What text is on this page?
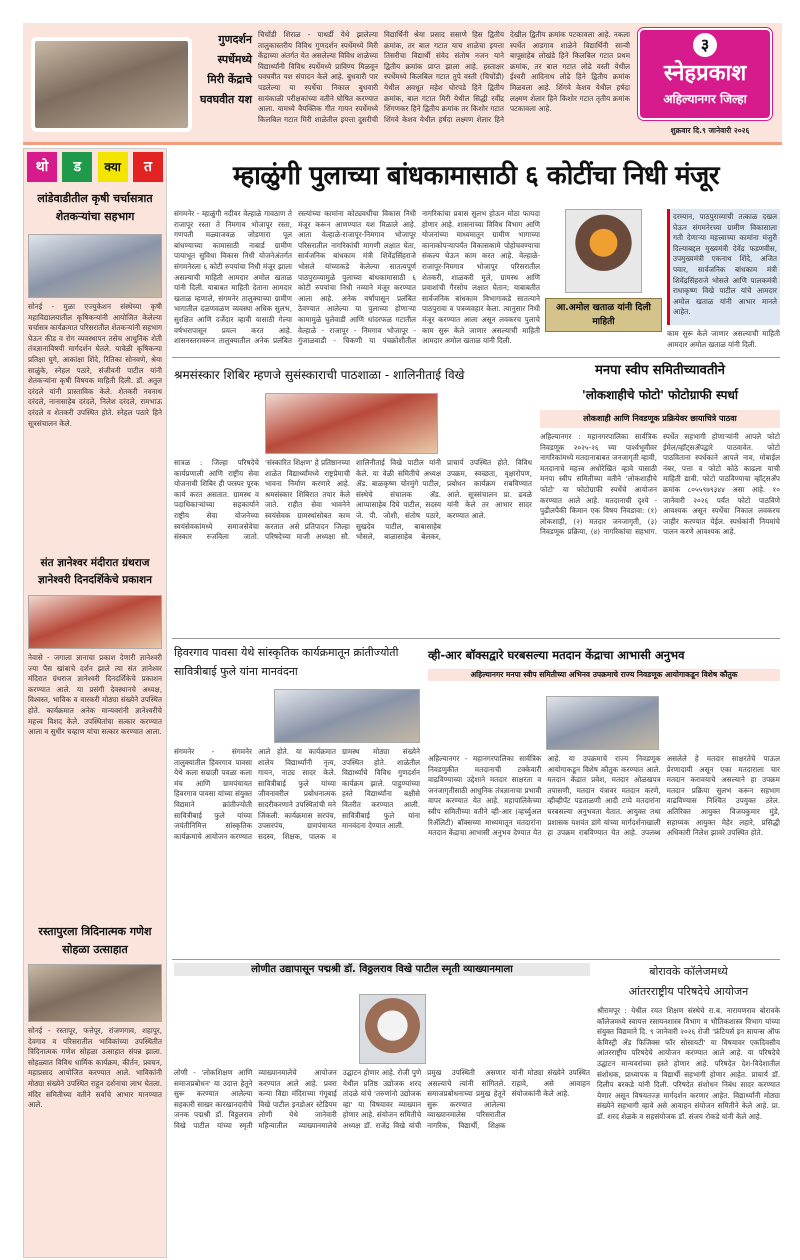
गुणदर्शन स्पर्धेमध्ये मिरी केंद्राचे घवघवीत यश
चिचोंडी शिराळ - पाथर्डी येथे झालेल्या तालुकास्तरीय विविध गुणदर्शन स्पर्धेमध्ये मिरी केंद्राच्या अंतर्गत येत असलेल्या विविध शाळेच्या विद्यार्थ्यांनी विविध स्पर्धेमध्ये प्राविण्य मिळवून घवघवीत यश संपादन केले आहे. बुधवारी पार पडलेल्या या स्पर्धेचा निकाल बुधवारी सायंकाळी परीक्षकांच्या वतीने घोषित करण्यात आला. यामध्ये वैयक्तिक गीत गायन स्पर्धेमध्ये किलबिल गटात मिरी शाळेतील इयत्ता दुसरीची विद्यार्थिनी श्रेया प्रसाद ससाणे हिस द्वितीय क्रमांक, तर बाल गटात याच शाळेचा इयत्ता तिसरीचा विद्यार्थी संवेद संतोष नजन याने द्वितीय क्रमांक प्राप्त झाला आहे. हस्ताक्षर स्पर्धेमध्ये किलबिल गटात तुपे वस्ती (चिचोंडी) येथील अवधूत महेश घोरपडे हिने द्वितीय क्रमांक, बाल गटात मिरी येथील सिद्धी रवींद्र शिंगणकर हिने द्वितीय क्रमांक तर किशोर गटात शिंगवे केशव येथील हर्षदा लक्ष्मण शेलार हिने देखील द्वितीय क्रमांक पटकावला आहे. नकला स्पर्धेत आडगाव शाळेने विद्यार्थिनी सान्वी बापूसाहेब लोखंडे हिने किलबिल गटात प्रथम क्रमांक, तर बाल गटात लोढे वस्ती येथील ईश्वरी आदिनाथ लोढे हिने द्वितीय क्रमांक मिळवला आहे. शिंगवे केशव येथील हर्षदा लक्ष्मण शेलार हिने किशोर गटात तृतीय क्रमांक पटकावला आहे.
३
स्नेहप्रकाश
अहिल्यानगर जिल्हा
शुक्रवार दि.९ जानेवारी २०२६
थो	ड	क्या	त
लांडेवाडीतील कृषी चर्चासत्रात शेतकऱ्यांचा सहभाग
सोनई - मुळा एज्युकेशन संस्थेच्या कृषी महाविद्यालयातील कृषिकन्यांनी आयोजित केलेल्या चर्चासत्र कार्यक्रमात परिसरातील शेतकऱ्यांनी सहभाग घेऊन कीड व रोग व्यवस्थापन तसेच आधुनिक शेती तंत्रज्ञानाविषयी मार्गदर्शन घेतले. यावेळी कृषिकन्या प्रतिक्षा घुगे, आकांक्षा शिंदे, रितिका सोनवणे, श्रेया साळुंके, स्नेहल पठारे, संजीवनी पाटील यांनी शेतकऱ्यांना कृषी विषयक माहिती दिली. डॉ. अतुल दरंदले यांनी प्रास्ताविक केले. शेतकरी नवनाथ दरंदले, नानासाहेब दरंदले, निलेश दरंदले, रामभाऊ दरंदले व शेतकरी उपस्थित होते. स्नेहल पठारे हिने सूत्रसंचालन केले.
संत ज्ञानेश्वर मंदीरात ग्रंथराज ज्ञानेश्वरी दिनदर्शिकेचे प्रकाशन
नेवासे - जगाला ज्ञानाचा प्रकाश देणारी ज्ञानेश्वरी ज्या पैस खांबाचे दर्शन झाले त्या संत ज्ञानेश्वर मंदिरात ग्रंथराज ज्ञानेश्वरी दिनदर्शिकेचे प्रकाशन करण्यात आले. या प्रसंगी देवस्थानचे अध्यक्ष, विश्वस्त, भाविक व वारकरी मोठ्या संख्येने उपस्थित होते. कार्यक्रमात अनेक मान्यवरांनी ज्ञानेश्वरीचे महत्त्व विशद केले. उपस्थितांचा सत्कार करण्यात आला व सुधीर चव्हाण यांचा सत्कार करण्यात आला.
रस्तापुरला त्रिदिनात्मक गणेश सोहळा उत्साहात
सोनई - रस्तापूर, फत्तेपूर, रांजणगाव, शहापूर, देवगाव व परिसरातील भाविकांच्या उपस्थितीत त्रिदिनात्मक गणेश सोहळा उत्साहात संपन्न झाला. सोहळ्यात विविध धार्मिक कार्यक्रम, कीर्तन, प्रवचन, महाप्रसाद आयोजित करण्यात आले. भाविकांनी मोठ्या संख्येने उपस्थित राहून दर्शनाचा लाभ घेतला. मंदिर समितीच्या वतीने सर्वांचे आभार मानण्यात आले.
म्हाळुंगी पुलाच्या बांधकामासाठी ६ कोटींचा निधी मंजूर
संगमनेर - म्हाळुंगी नदीवर वेल्हाळे गावठाण ते राजापूर रस्ता ते निमगाव भोजापूर रस्ता, गणपती मळ्याजवळ जोडणारा पूल बांधण्याच्या कामासाठी नाबार्ड ग्रामीण पायाभूत सुविधा विकास निधी योजनेअंतर्गत संगमनेरला ६ कोटी रुपयांचा निधी मंजूर झाला असल्याची माहिती आमदार अमोल खताळ यांनी दिली. याबाबत माहिती देताना आमदार खताळ म्हणाले, संगमनेर तालुक्याच्या ग्रामीण भागातील दळणवळण व्यवस्था अधिक सुलभ, सुरक्षित आणि दर्जेदार व्हावी यासाठी गेल्या वर्षभरापासून प्रयत्न करत आहे. शासनस्तरावरून तालुक्यातील अनेक प्रलंबित रस्त्यांच्या कामांना कोट्यवधींचा विकास निधी मंजूर करून आणण्यात यश मिळाले आहे. आता वेल्हाळे-राजापूर-निमगाव भोजापूर परिसरातील नागरिकांची मागणी लक्षात घेता, सार्वजनिक बांधकाम मंत्री शिवेंद्रसिंहराजे भोसले यांच्याकडे केलेल्या सातत्यपूर्ण पाठपुराव्यामुळे पुलाच्या बांधकामासाठी ६ कोटी रुपयांचा निधी नव्याने मंजूर करण्यात आला आहे. अनेक वर्षांपासून प्रलंबित ठेवण्यात आलेल्या या पुलाच्या होणाऱ्या कामामुळे घुलेवाडी आणि धांदरफळ गटातील वेल्हाळे - राजापूर - निमगाव भोजापूर - गुंजाळवाडी - चिकणी या पंचक्रोशीतील नागरिकांचा प्रवास सुलभ होऊन मोठा फायदा होणार आहे. शासनाच्या विविध विभाग आणि योजनांच्या माध्यमातून ग्रामीण भागाच्या कानाकोपऱ्यापर्यंत विकासकामे पोहोचवण्याचा संकल्प घेऊन काम करत आहे. वेल्हाळे-राजापूर-निमगाव भोजापूर परिसरातील शेतकरी, शाळकरी मुले, ग्रामस्थ आणि प्रवाशांची गैरसोय लक्षात घेतान; याबाबतीत सार्वजनिक बांधकाम विभागाकडे सातत्याने पाठपुरावा व पत्रव्यवहार केला. त्यानुसार निधी मंजूर करण्यात आला असून लवकरच पुलाचे काम सुरू केले जाणार असल्याची माहिती आमदार अमोल खताळ यांनी दिली.
आ.अमोल खताळ यांनी दिली माहिती
दरम्यान, पाठपुराव्याची तत्काळ दखल घेऊन संगमनेरच्या ग्रामीण विकासाला गती देणाऱ्या महत्त्वाच्या कामांना मंजुरी दिल्याबद्दल मुख्यमंत्री देवेंद्र फडणवीस, उपमुख्यमंत्री एकनाथ शिंदे, अजित पवार, सार्वजनिक बांधकाम मंत्री शिवेंद्रसिंहराजे भोसले आणि पालकमंत्री राधाकृष्ण विखे पाटील यांचे आमदार अमोल खताळ यांनी आभार मानले आहेत.
काम सुरू केले जाणार असल्याची माहिती आमदार अमोल खताळ यांनी दिली.
श्रमसंस्कार शिबिर म्हणजे सुसंस्काराची पाठशाळा - शालिनीताई विखे
सात्रळ : जिल्हा परिषदेचे कार्यप्रणाली आणि राष्ट्रीय सेवा योजनाची शिबिर ही परस्पर पूरक कार्य करत असतात. ग्रामस्थ व पदाधिकाऱ्यांच्या सहकार्याने राष्ट्रीय सेवा योजनेच्या स्वयंसेवकांमध्ये समाजसेवेचा संस्कार रुजविला जातो. 'संस्कारित शिक्षण' हे प्रतिष्ठानच्या शाळेत विद्यार्थ्यांमध्ये राष्ट्रप्रेमाची भावना निर्माण करणारे आहे. श्रमसंस्कार शिबिरात तयार केले जाते. राहीत सेवा भावनेने स्वयंसेवक ग्रामस्थांसोबत काम करतात असे प्रतिपादन जिल्हा परिषदेच्या माजी अध्यक्षा सौ. शालिनीताई विखे पाटील यांनी केले. या वेळी समितीचे अध्यक्ष ॲड. बाळकृष्ण चोरमुंगे पाटील, संस्थेचे संचालक ॲड. आप्पासाहेब दिघे पाटील, सदस्य जे. पी. जोशी, संतोष पठारे, सुखदेव पाटील, बाबासाहेब भोसले, बाळासाहेब बेलकर, प्राचार्य उपस्थित होते. विविध उपक्रम, स्वच्छता, वृक्षारोपण, प्रबोधन कार्यक्रम राबविण्यात आले. सूत्रसंचालन प्रा. ढवळे यांनी केले तर आभार सादर करण्यात आले.
मनपा स्वीप समितीच्यावतीने
'लोकशाहीचे फोटो' फोटोग्राफी स्पर्धा
लोकशाही आणि निवडणूक प्रक्रियेवर छायाचित्रे पाठवा
अहिल्यानगर : महानगरपालिका सार्वत्रिक निवडणूक २०२५-२६ च्या पार्श्वभूमीवर नागरिकांमध्ये मतदानाबाबत जनजागृती व्हावी, मतदानाचे महत्त्व अधोरेखित व्हावे यासाठी मनपा स्वीप समितीच्या वतीने 'लोकशाहीचे फोटो' या फोटोग्राफी स्पर्धेचे आयोजन करण्यात आले आहे. मतदानाची दृश्ये - पुढीलपैकी किमान एक विषय निवडावा: (१) लोकशाही, (२) मतदार जनजागृती, (३) निवडणूक प्रक्रिया, (४) नागरिकांचा सहभाग. स्पर्धेत सहभागी होणाऱ्यांनी आपले फोटो ईमेल/व्हॉट्सॲपद्वारे पाठवावेत. फोटो पाठविताना स्पर्धकाने आपले नाव, मोबाईल नंबर, पत्ता व फोटो कोठे काढला याची माहिती द्यावी. फोटो पाठविण्याचा व्हॉट्सॲप क्रमांक ८०५५९७९३४४ असा आहे. १० जानेवारी २०२६ पर्यंत फोटो पाठविणे आवश्यक असून स्पर्धेचा निकाल लवकरच जाहीर करण्यात येईल. स्पर्धकांनी नियमांचे पालन करणे आवश्यक आहे.
हिवरगाव पावसा येथे सांस्कृतिक कार्यक्रमातून क्रांतीज्योती सावित्रीबाई फुले यांना मानवंदना
संगमनेर - संगमनेर तालुक्यातील हिवरगाव पावसा येथे कला सम्राज्ञी पवळा कला मंच आणि ग्रामपंचायत हिवरगाव पावसा यांच्या संयुक्त विद्यमाने क्रांतीज्योती सावित्रीबाई फुले यांच्या जयंतीनिमित्त सांस्कृतिक कार्यक्रमाचे आयोजन करण्यात आले होते. या कार्यक्रमात शालेय विद्यार्थ्यांनी नृत्य, गायन, नाट्य सादर केले. सावित्रीबाई फुले यांच्या जीवनावरील प्रबोधनात्मक सादरीकरणाने उपस्थितांची मने जिंकली. कार्यक्रमास सरपंच, उपसरपंच, ग्रामपंचायत सदस्य, शिक्षक, पालक व ग्रामस्थ मोठ्या संख्येने उपस्थित होते. शाळेतील विद्यार्थ्यांचे विविध गुणदर्शन कार्यक्रम झाले. पाहुण्यांच्या हस्ते विद्यार्थ्यांना बक्षीसे वितरीत करण्यात आली. सावित्रीबाई फुले यांना मानवंदना देण्यात आली.
व्ही-आर बॉक्सद्वारे घरबसल्या मतदान केंद्राचा आभासी अनुभव
अहिल्यानगर मनपा स्वीप समितीच्या अभिनव उपक्रमाचे राज्य निवडणूक आयोगाकडून विशेष कौतुक
अहिल्यानगर - महानगरपालिका सार्वत्रिक निवडणुकीत मतदानाची टक्केवारी वाढविण्याच्या उद्देशाने मतदार साक्षरता व जनजागृतीसाठी आधुनिक तंत्रज्ञानाचा प्रभावी वापर करण्यात येत आहे. महापालिकेच्या स्वीप समितीच्या वतीने व्ही-आर (व्हर्च्युअल रिॲलिटी) बॉक्सच्या माध्यमातून मतदारांना मतदान केंद्राचा आभासी अनुभव देण्यात येत आहे. या उपक्रमाचे राज्य निवडणूक आयोगाकडून विशेष कौतुक करण्यात आले. मतदान केंद्रात प्रवेश, मतदार ओळखपत्र तपासणी, मतदान यंत्रावर मतदान करणे, व्हीव्हीपॅट पडताळणी आदी टप्पे मतदारांना घरबसल्या अनुभवता येतात. आयुक्त तथा प्रशासक यशवंत डांगे यांच्या मार्गदर्शनाखाली हा उपक्रम राबविण्यात येत आहे. उपलब्ध असलेले हे मतदार साक्षरतेचे पाऊल प्रेरणादायी असून एका मतदाराला चार मतदान करावयाचे असल्याने हा उपक्रम मतदान प्रक्रिया सुलभ करून सहभाग वाढविण्यास निश्चित उपयुक्त ठरेल. अतिरिक्त आयुक्त विजयकुमार मुंडे, सहाय्यक आयुक्त मेहेर लहारे, प्रसिद्धी अधिकारी निलेश झावरे उपस्थित होते.
लोणीत उद्यापासून पद्मश्री डॉ. विठ्ठलराव विखे पाटील स्मृती व्याख्यानमाला
लोणी - 'लोकशिक्षण आणि समाजप्रबोधन' या उदात्त हेतूने सुरू करण्यात आलेल्या सहकारी साखर कारखानदारीचे जनक पद्मश्री डॉ. विठ्ठलराव विखे पाटील यांच्या स्मृती व्याख्यानमालेचे आयोजन करण्यात आले आहे. प्रवरा कन्या विद्या मंदिराच्या गंगूबाई विखे पाटील इनडोअर स्टेडियम लोणी येथे जानेवारी महिन्यातील व्याख्यानमालेचे उद्घाटन होणार आहे. रोजी पुणे येथील प्रतिष्ठ उद्योजक शरद तांदळे यांचे 'तरुणांनो उद्योजक व्हा' या विषयावर व्याख्यान होणार आहे. संयोजन समितीचे अध्यक्ष डॉ. राजेंद्र विखे यांची प्रमुख उपस्थिती असणार असल्याचे त्यांनी सांगितले. समाजप्रबोधनाच्या प्रमुख हेतूने सुरू करण्यात आलेल्या व्याख्यानमालेस परिसरातील नागरिक, विद्यार्थी, शिक्षक यांनी मोठ्या संख्येने उपस्थित राहावे, असे आवाहन संयोजकांनी केले आहे.
बोरावके कॉलेजमध्ये
आंतरराष्ट्रीय परिषदेचे आयोजन
श्रीरामपूर : येथील रयत शिक्षण संस्थेचे रा.ब. नारायणराव बोरावके कॉलेजमध्ये स्वायत्त रसायनशास्त्र विभाग व भौतिकशास्त्र विभाग यांच्या संयुक्त विद्यमाने दि. ९ जानेवारी २०२६ रोजी 'फ्रंटियर्स इन सायन्स ऑफ केमिस्ट्री अँड फिजिक्स फॉर सोसायटी' या विषयावर एकदिवसीय आंतरराष्ट्रीय परिषदेचे आयोजन करण्यात आले आहे. या परिषदेचे उद्घाटन मान्यवरांच्या हस्ते होणार आहे. परिषदेत देश-विदेशातील संशोधक, प्राध्यापक व विद्यार्थी सहभागी होणार आहेत. प्राचार्य डॉ. दिलीप बरकडे यांनी दिली. परिषदेत संशोधन निबंध सादर करण्यात येणार असून विषयतज्ज्ञ मार्गदर्शन करणार आहेत. विद्यार्थ्यांनी मोठ्या संख्येने सहभागी व्हावे असे आवाहन संयोजन समितीने केले आहे. प्रा. डॉ. शरद शेळके व सहसंयोजक डॉ. संजय रोकडे यांनी केले आहे.
